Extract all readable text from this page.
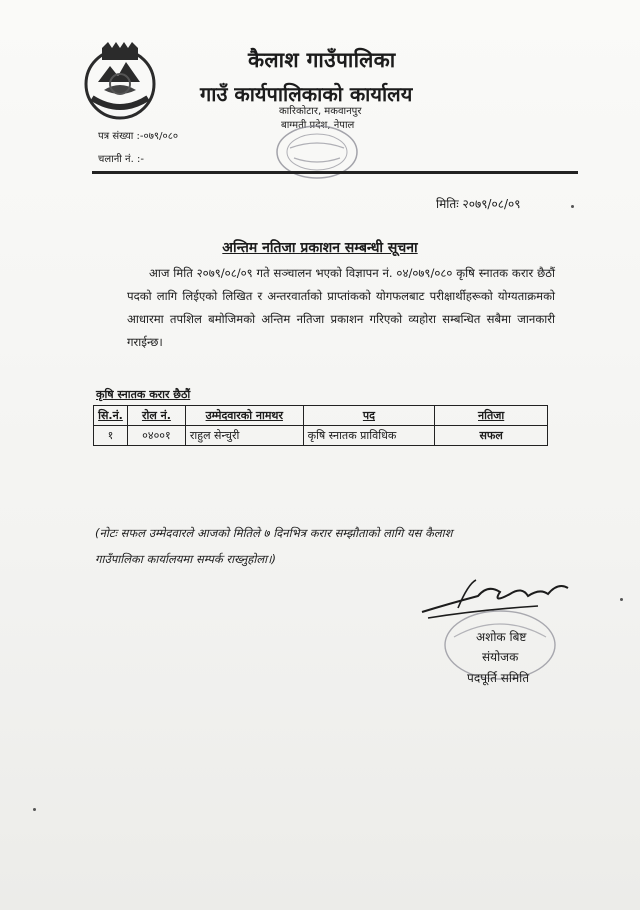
कैलाश गाउँपालिका
गाउँ कार्यपालिकाको कार्यालय
कारिकोटार, मकवानपुर
बाग्मती प्रदेश, नेपाल
पत्र संख्या :-०७९/०८०
चलानी नं. :-
मितिः २०७९/०८/०९
अन्तिम नतिजा प्रकाशन सम्बन्धी सूचना
आज मिति २०७९/०८/०९ गते सञ्चालन भएको विज्ञापन नं. ०४/०७९/०८० कृषि स्नातक करार छैठौं पदको लागि लिईएको लिखित र अन्तरवार्ताको प्राप्तांकको योगफलबाट परीक्षार्थीहरूको योग्यताक्रमको आधारमा तपशिल बमोजिमको अन्तिम नतिजा प्रकाशन गरिएको व्यहोरा सम्बन्धित सबैमा जानकारी गराईन्छ।
कृषि स्नातक करार छैठौं
सि.नं.	रोल नं.	उम्मेदवारको नामथर	पद	नतिजा
१	०४००१	राहुल सेन्चुरी	कृषि स्नातक प्राविधिक	सफल
(नोटः सफल उम्मेदवारले आजको मितिले ७ दिनभित्र करार सम्झौताको लागि यस कैलाश
गाउँपालिका कार्यालयमा सम्पर्क राख्नुहोला।)
अशोक बिष्ट
संयोजक
पदपूर्ति समिति
